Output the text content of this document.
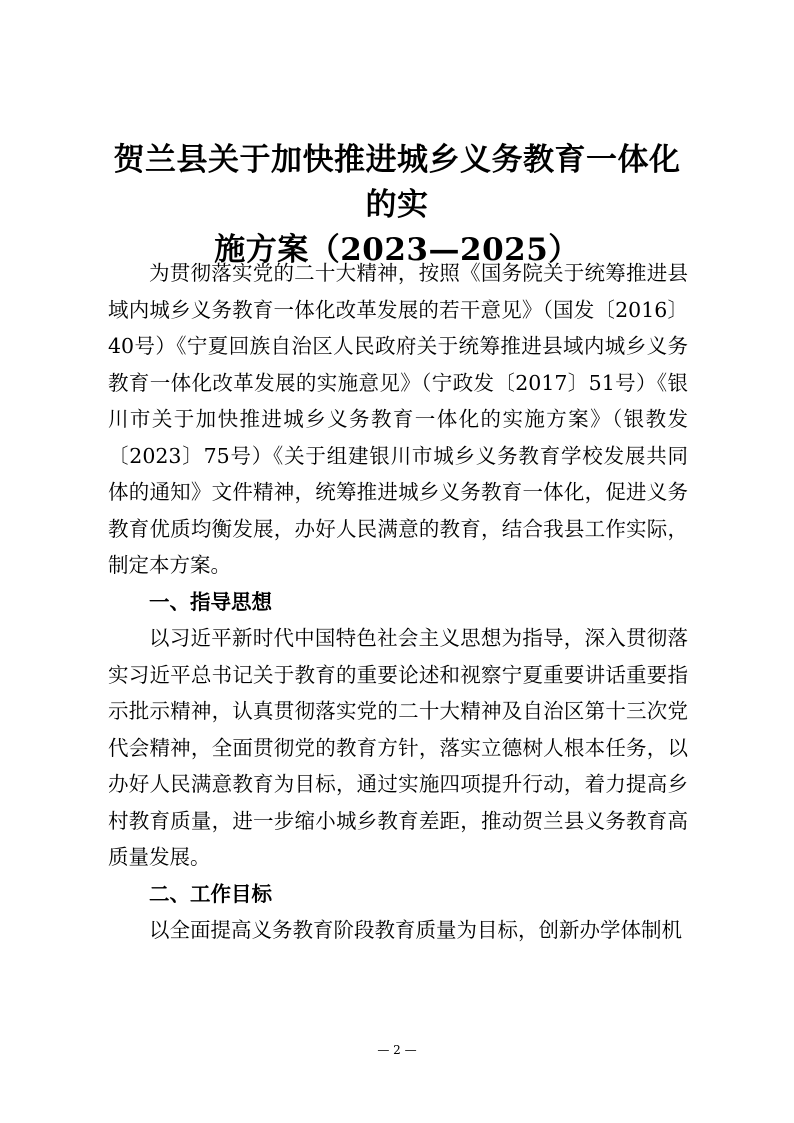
贺兰县关于加快推进城乡义务教育一体化的实
施方案（2023—2025）

为贯彻落实党的二十大精神，按照《国务院关于统筹推进县域内城乡义务教育一体化改革发展的若干意见》（国发〔2016〕40号）《宁夏回族自治区人民政府关于统筹推进县域内城乡义务教育一体化改革发展的实施意见》（宁政发〔2017〕51号）《银川市关于加快推进城乡义务教育一体化的实施方案》（银教发〔2023〕75号）《关于组建银川市城乡义务教育学校发展共同体的通知》文件精神，统筹推进城乡义务教育一体化，促进义务教育优质均衡发展，办好人民满意的教育，结合我县工作实际，制定本方案。

一、指导思想

以习近平新时代中国特色社会主义思想为指导，深入贯彻落实习近平总书记关于教育的重要论述和视察宁夏重要讲话重要指示批示精神，认真贯彻落实党的二十大精神及自治区第十三次党代会精神，全面贯彻党的教育方针，落实立德树人根本任务，以办好人民满意教育为目标，通过实施四项提升行动，着力提高乡村教育质量，进一步缩小城乡教育差距，推动贺兰县义务教育高质量发展。

二、工作目标

以全面提高义务教育阶段教育质量为目标，创新办学体制机

— 2 —
